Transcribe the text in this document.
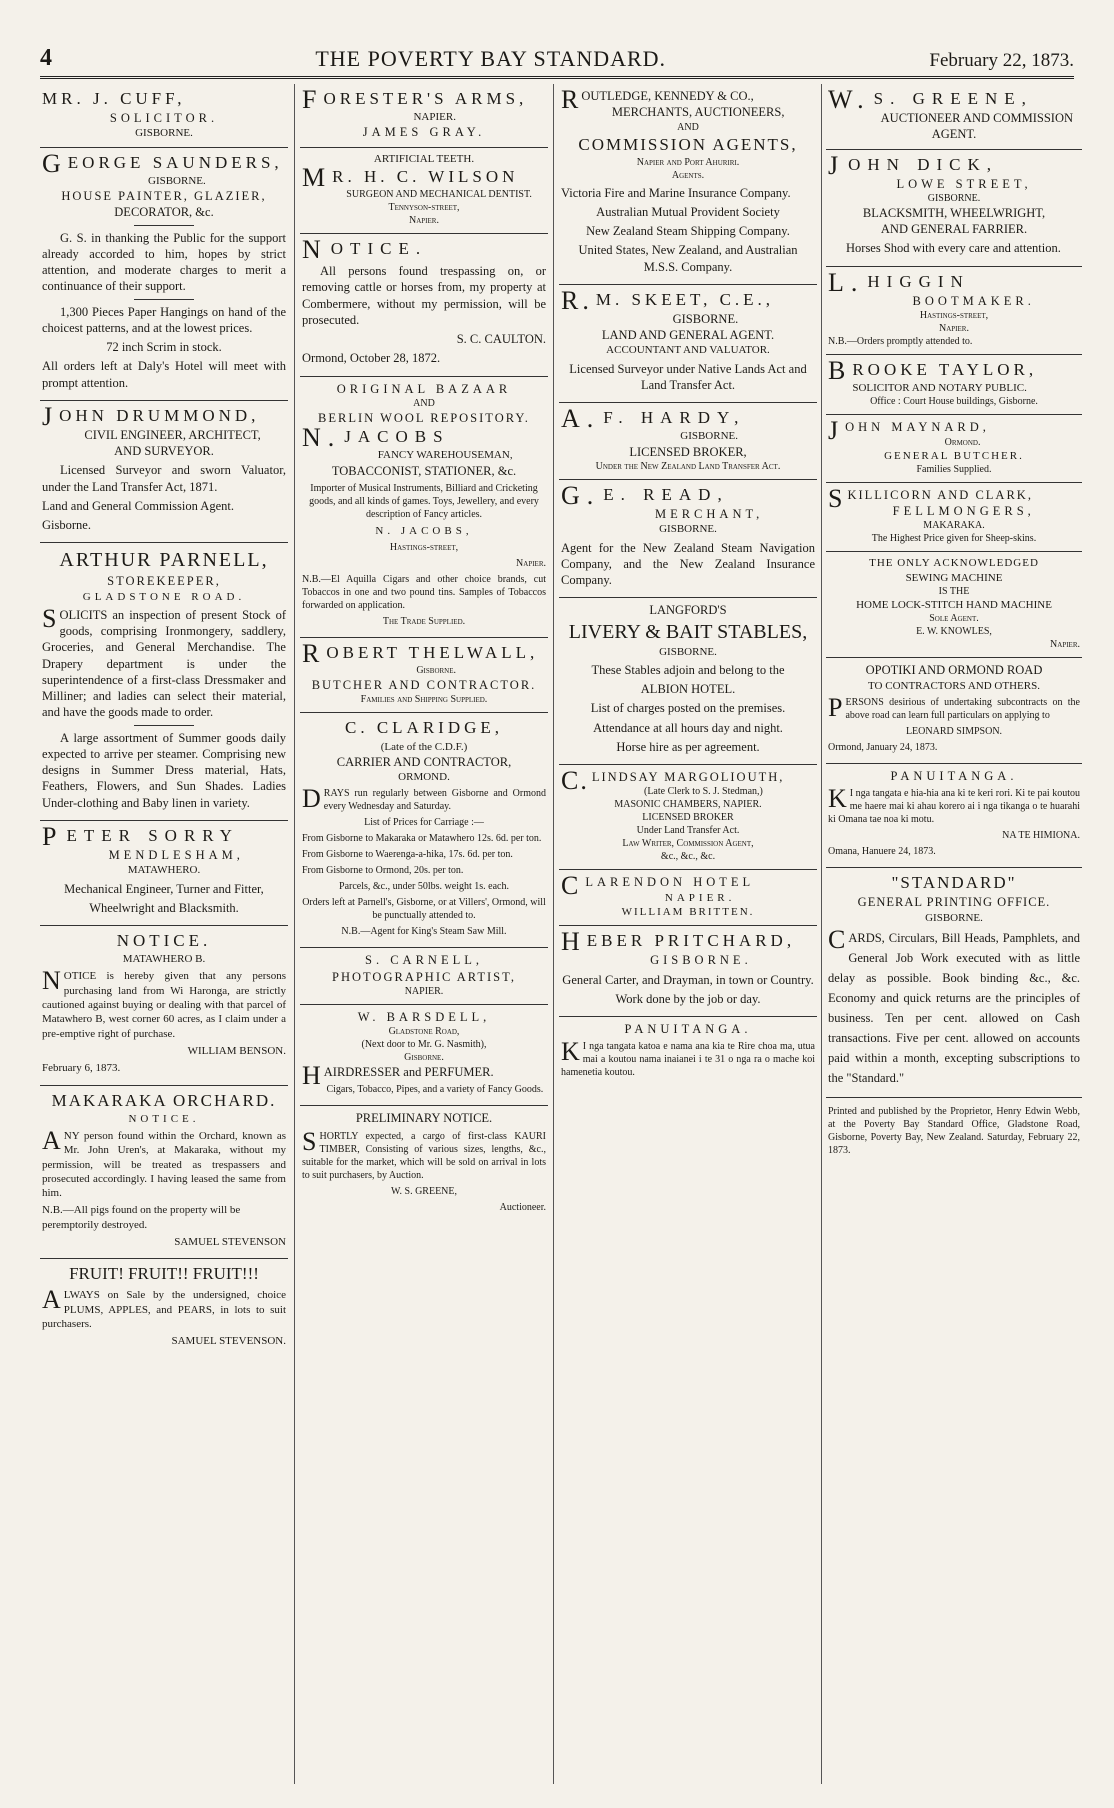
4	THE POVERTY BAY STANDARD.	February 22, 1873.
MR. J. CUFF,
SOLICITOR.
GISBORNE.
GEORGE SAUNDERS,
GISBORNE.
HOUSE PAINTER, GLAZIER,
DECORATOR, &c.

G. S. in thanking the Public for the support already accorded to him, hopes by strict attention, and moderate charges to merit a continuance of their support.

1,300 Pieces Paper Hangings on hand of the choicest patterns, and at the lowest prices.

72 inch Scrim in stock.

All orders left at Daly's Hotel will meet with prompt attention.

JOHN DRUMMOND,
CIVIL ENGINEER, ARCHITECT,
AND SURVEYOR.

Licensed Surveyor and sworn Valuator, under the Land Transfer Act, 1871.

Land and General Commission Agent.

Gisborne.

ARTHUR PARNELL,
STOREKEEPER,
GLADSTONE ROAD.

SOLICITS an inspection of present Stock of goods, comprising Ironmongery, saddlery, Groceries, and General Merchandise. The Drapery department is under the superintendence of a first-class Dressmaker and Milliner; and ladies can select their material, and have the goods made to order.

A large assortment of Summer goods daily expected to arrive per steamer. Comprising new designs in Summer Dress material, Hats, Feathers, Flowers, and Sun Shades. Ladies Under-clothing and Baby linen in variety.

PETER SORRY
MENDLESHAM,
MATAWHERO.

Mechanical Engineer, Turner and Fitter,

Wheelwright and Blacksmith.

NOTICE.
MATAWHERO B.

NOTICE is hereby given that any persons purchasing land from Wi Haronga, are strictly cautioned against buying or dealing with that parcel of Matawhero B, west corner 60 acres, as I claim under a pre-emptive right of purchase.

WILLIAM BENSON.

February 6, 1873.

MAKARAKA ORCHARD.
NOTICE.

ANY person found within the Orchard, known as Mr. John Uren's, at Makaraka, without my permission, will be treated as trespassers and prosecuted accordingly. I having leased the same from him.

N.B.—All pigs found on the property will be peremptorily destroyed.

SAMUEL STEVENSON

FRUIT! FRUIT!! FRUIT!!!

ALWAYS on Sale by the undersigned, choice PLUMS, APPLES, and PEARS, in lots to suit purchasers.

SAMUEL STEVENSON.

FORESTER'S ARMS,
NAPIER.
JAMES GRAY.
ARTIFICIAL TEETH.
MR. H. C. WILSON
SURGEON AND MECHANICAL DENTIST.
Tennyson-street,
Napier.
NOTICE.

All persons found trespassing on, or removing cattle or horses from, my property at Combermere, without my permission, will be prosecuted.

S. C. CAULTON.

Ormond, October 28, 1872.

ORIGINAL BAZAAR
AND
BERLIN WOOL REPOSITORY.
N.JACOBS
FANCY WAREHOUSEMAN,
TOBACCONIST, STATIONER, &c.

Importer of Musical Instruments, Billiard and Cricketing goods, and all kinds of games. Toys, Jewellery, and every description of Fancy articles.

N. JACOBS,

Hastings-street,

Napier.

N.B.—El Aquilla Cigars and other choice brands, cut Tobaccos in one and two pound tins. Samples of Tobaccos forwarded on application.

The Trade Supplied.

ROBERT THELWALL,
Gisborne.
BUTCHER AND CONTRACTOR.
Families and Shipping Supplied.
C. CLARIDGE,
(Late of the C.D.F.)
CARRIER AND CONTRACTOR,
ORMOND.

DRAYS run regularly between Gisborne and Ormond every Wednesday and Saturday.

List of Prices for Carriage :—

From Gisborne to Makaraka or Matawhero 12s. 6d. per ton.

From Gisborne to Waerenga-a-hika, 17s. 6d. per ton.

From Gisborne to Ormond, 20s. per ton.

Parcels, &c., under 50lbs. weight 1s. each.

Orders left at Parnell's, Gisborne, or at Villers', Ormond, will be punctually attended to.

N.B.—Agent for King's Steam Saw Mill.

S. CARNELL,
PHOTOGRAPHIC ARTIST,
NAPIER.
W. BARSDELL,
Gladstone Road,
(Next door to Mr. G. Nasmith),
Gisborne.
HAIRDRESSER and PERFUMER.

Cigars, Tobacco, Pipes, and a variety of Fancy Goods.

PRELIMINARY NOTICE.

SHORTLY expected, a cargo of first-class KAURI TIMBER, Consisting of various sizes, lengths, &c., suitable for the market, which will be sold on arrival in lots to suit purchasers, by Auction.

W. S. GREENE,

Auctioneer.

ROUTLEDGE, KENNEDY & CO.,
MERCHANTS, AUCTIONEERS,
AND
COMMISSION AGENTS,
Napier and Port Ahuriri.
Agents.

Victoria Fire and Marine Insurance Company.

Australian Mutual Provident Society

New Zealand Steam Shipping Company.

United States, New Zealand, and Australian M.S.S. Company.

R.M. SKEET, C.E.,
GISBORNE.
LAND AND GENERAL AGENT.
ACCOUNTANT AND VALUATOR.

Licensed Surveyor under Native Lands Act and Land Transfer Act.

A.F. HARDY,
GISBORNE.
LICENSED BROKER,
Under the New Zealand Land Transfer Act.
G.E. READ,
MERCHANT,
GISBORNE.

Agent for the New Zealand Steam Navigation Company, and the New Zealand Insurance Company.

LANGFORD'S
LIVERY & BAIT STABLES,
GISBORNE.

These Stables adjoin and belong to the

ALBION HOTEL.

List of charges posted on the premises.

Attendance at all hours day and night.

Horse hire as per agreement.

C.LINDSAY MARGOLIOUTH,
(Late Clerk to S. J. Stedman,)
MASONIC CHAMBERS, NAPIER.
LICENSED BROKER
Under Land Transfer Act.
Law Writer, Commission Agent,
&c., &c., &c.
CLARENDON HOTEL
NAPIER.
WILLIAM BRITTEN.
HEBER PRITCHARD,
GISBORNE.

General Carter, and Drayman, in town or Country.

Work done by the job or day.

PANUITANGA.

KI nga tangata katoa e nama ana kia te Rire choa ma, utua mai a koutou nama inaianei i te 31 o nga ra o mache koi hamenetia koutou.

W.S. GREENE,
AUCTIONEER AND COMMISSION
AGENT.
JOHN DICK,
LOWE STREET,
GISBORNE.
BLACKSMITH, WHEELWRIGHT,
AND GENERAL FARRIER.

Horses Shod with every care and attention.

L.HIGGIN
BOOTMAKER.
Hastings-street,
Napier.
N.B.—Orders promptly attended to.
BROOKE TAYLOR,
SOLICITOR AND NOTARY PUBLIC.
Office : Court House buildings, Gisborne.
JOHN MAYNARD,
Ormond.
GENERAL BUTCHER.
Families Supplied.
SKILLICORN AND CLARK,
FELLMONGERS,
MAKARAKA.
The Highest Price given for Sheep-skins.
THE ONLY ACKNOWLEDGED
SEWING MACHINE
IS THE
HOME LOCK-STITCH HAND MACHINE
Sole Agent.
E. W. KNOWLES,
Napier.
OPOTIKI AND ORMOND ROAD
TO CONTRACTORS AND OTHERS.

PERSONS desirious of undertaking subcontracts on the above road can learn full particulars on applying to

LEONARD SIMPSON.

Ormond, January 24, 1873.

PANUITANGA.

KI nga tangata e hia-hia ana ki te keri rori. Ki te pai koutou me haere mai ki ahau korero ai i nga tikanga o te huarahi ki Omana tae noa ki motu.

NA TE HIMIONA.

Omana, Hanuere 24, 1873.

"STANDARD"
GENERAL PRINTING OFFICE.
GISBORNE.

CARDS, Circulars, Bill Heads, Pamphlets, and General Job Work executed with as little delay as possible. Book binding &c., &c. Economy and quick returns are the principles of business. Ten per cent. allowed on Cash transactions. Five per cent. allowed on accounts paid within a month, excepting subscriptions to the "Standard."

Printed and published by the Proprietor, Henry Edwin Webb, at the Poverty Bay Standard Office, Gladstone Road, Gisborne, Poverty Bay, New Zealand. Saturday, February 22, 1873.
